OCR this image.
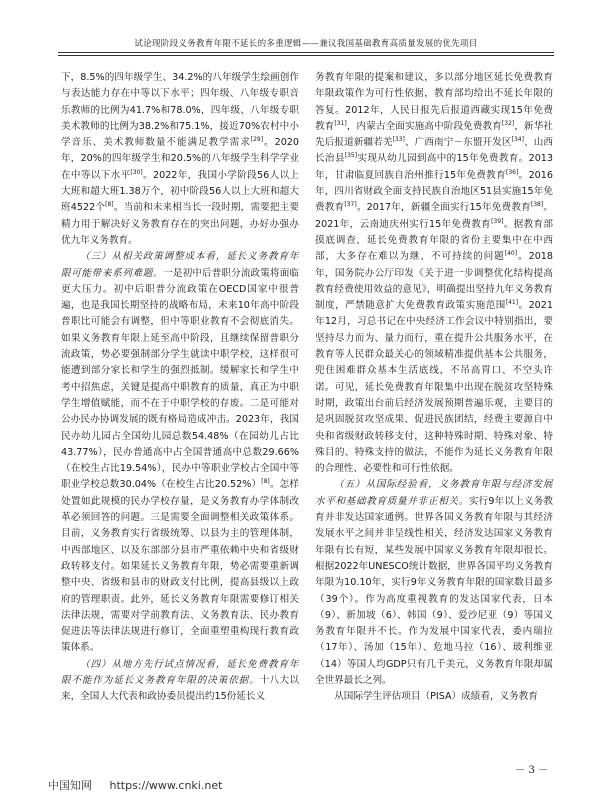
试论现阶段义务教育年限不延长的多重逻辑——兼议我国基础教育高质量发展的优先项目

下，8.5%的四年级学生、34.2%的八年级学生绘画创作与表达能力存在中等以下水平；四年级、八年级专职音乐教师的比例为41.7%和78.0%，四年级、八年级专职美术教师的比例为38.2%和75.1%，接近70%农村中小学音乐、美术教师数量不能满足教学需求[29]。2020年，20%的四年级学生和20.5%的八年级学生科学学业在中等以下水平[30]。2022年，我国小学阶段56人以上大班和超大班1.38万个，初中阶段56人以上大班和超大班4522个[8]。当前和未来相当长一段时期，需要把主要精力用于解决好义务教育存在的突出问题，办好办强办优九年义务教育。

（三）从相关政策调整成本看，延长义务教育年限可能带来系列难题。一是初中后普职分流政策将面临更大压力。初中后职普分流政策在OECD国家中很普遍，也是我国长期坚持的战略布局，未来10年高中阶段普职比可能会有调整，但中等职业教育不会彻底消失。如果义务教育年限上延至高中阶段，且继续保留普职分流政策，势必要强制部分学生就读中职学校，这样很可能遭到部分家长和学生的强烈抵制。缓解家长和学生中考中招焦虑，关键是提高中职教育的质量，真正为中职学生增值赋能，而不在于中职学校的存废。二是可能对公办民办协调发展的既有格局造成冲击。2023年，我国民办幼儿园占全国幼儿园总数54.48%（在园幼儿占比43.77%），民办普通高中占全国普通高中总数29.66%（在校生占比19.54%），民办中等职业学校占全国中等职业学校总数30.04%（在校生占比20.52%）[8]。怎样处置如此规模的民办学校存量，是义务教育办学体制改革必须回答的问题。三是需要全面调整相关政策体系。目前，义务教育实行省级统筹、以县为主的管理体制，中西部地区、以及东部部分县市严重依赖中央和省级财政转移支付。如果延长义务教育年限，势必需要重新调整中央、省级和县市的财政支付比例，提高县级以上政府的管理职责。此外，延长义务教育年限需要修订相关法律法规，需要对学前教育法、义务教育法、民办教育促进法等法律法规进行修订，全面重塑重构现行教育政策体系。

（四）从地方先行试点情况看，延长免费教育年限不能作为延长义务教育年限的决策依据。十八大以来，全国人大代表和政协委员提出约15份延长义

务教育年限的提案和建议，多以部分地区延长免费教育年限政策作为可行性依据，教育部均给出不延长年限的答复。2012年，人民日报先后报道西藏实现15年免费教育[31]，内蒙古全面实施高中阶段免费教育[32]，新华社先后报道新疆若羌[33]、广西南宁－东盟开发区[34]、山西长治县[35]实现从幼儿园到高中的15年免费教育。2013年，甘肃临夏回族自治州推行15年免费教育[36]。2016年，四川省财政全面支持民族自治地区51县实施15年免费教育[37]。2017年，新疆全面实行15年免费教育[38]。2021年，云南迪庆州实行15年免费教育[39]。据教育部摸底调查，延长免费教育年限的省份主要集中在中西部，大多存在难以为继、不可持续的问题[40]。2018年，国务院办公厅印发《关于进一步调整优化结构提高教育经费使用效益的意见》，明确提出坚持九年义务教育制度，严禁随意扩大免费教育政策实施范围[41]。2021年12月，习总书记在中央经济工作会议中特别指出，要坚持尽力而为、量力而行，重在提升公共服务水平，在教育等人民群众最关心的领域精准提供基本公共服务，兜住困难群众基本生活底线，不吊高胃口、不空头许诺。可见，延长免费教育年限集中出现在脱贫攻坚特殊时期，政策出台前后经济发展预期普遍乐观，主要目的是巩固脱贫攻坚成果、促进民族团结，经费主要源自中央和省级财政转移支付，这种特殊时期、特殊对象、特殊目的、特殊支持的做法，不能作为延长义务教育年限的合理性、必要性和可行性依据。

（五）从国际经验看，义务教育年限与经济发展水平和基础教育质量并非正相关。实行9年以上义务教育并非发达国家通例。世界各国义务教育年限与其经济发展水平之间并非呈线性相关，经济发达国家义务教育年限有长有短，某些发展中国家义务教育年限却很长。根据2022年UNESCO统计数据，世界各国平均义务教育年限为10.10年，实行9年义务教育年限的国家数目最多（39个）。作为高度重视教育的发达国家代表，日本（9）、新加坡（6）、韩国（9）、爱沙尼亚（9）等国义务教育年限并不长。作为发展中国家代表，委内瑞拉（17年）、汤加（15年）、危地马拉（16）、玻利维亚（14）等国人均GDP只有几千美元，义务教育年限却属全世界最长之列。

从国际学生评估项目（PISA）成绩看，义务教育

－ 3 －
中国知网 https://www.cnki.net
